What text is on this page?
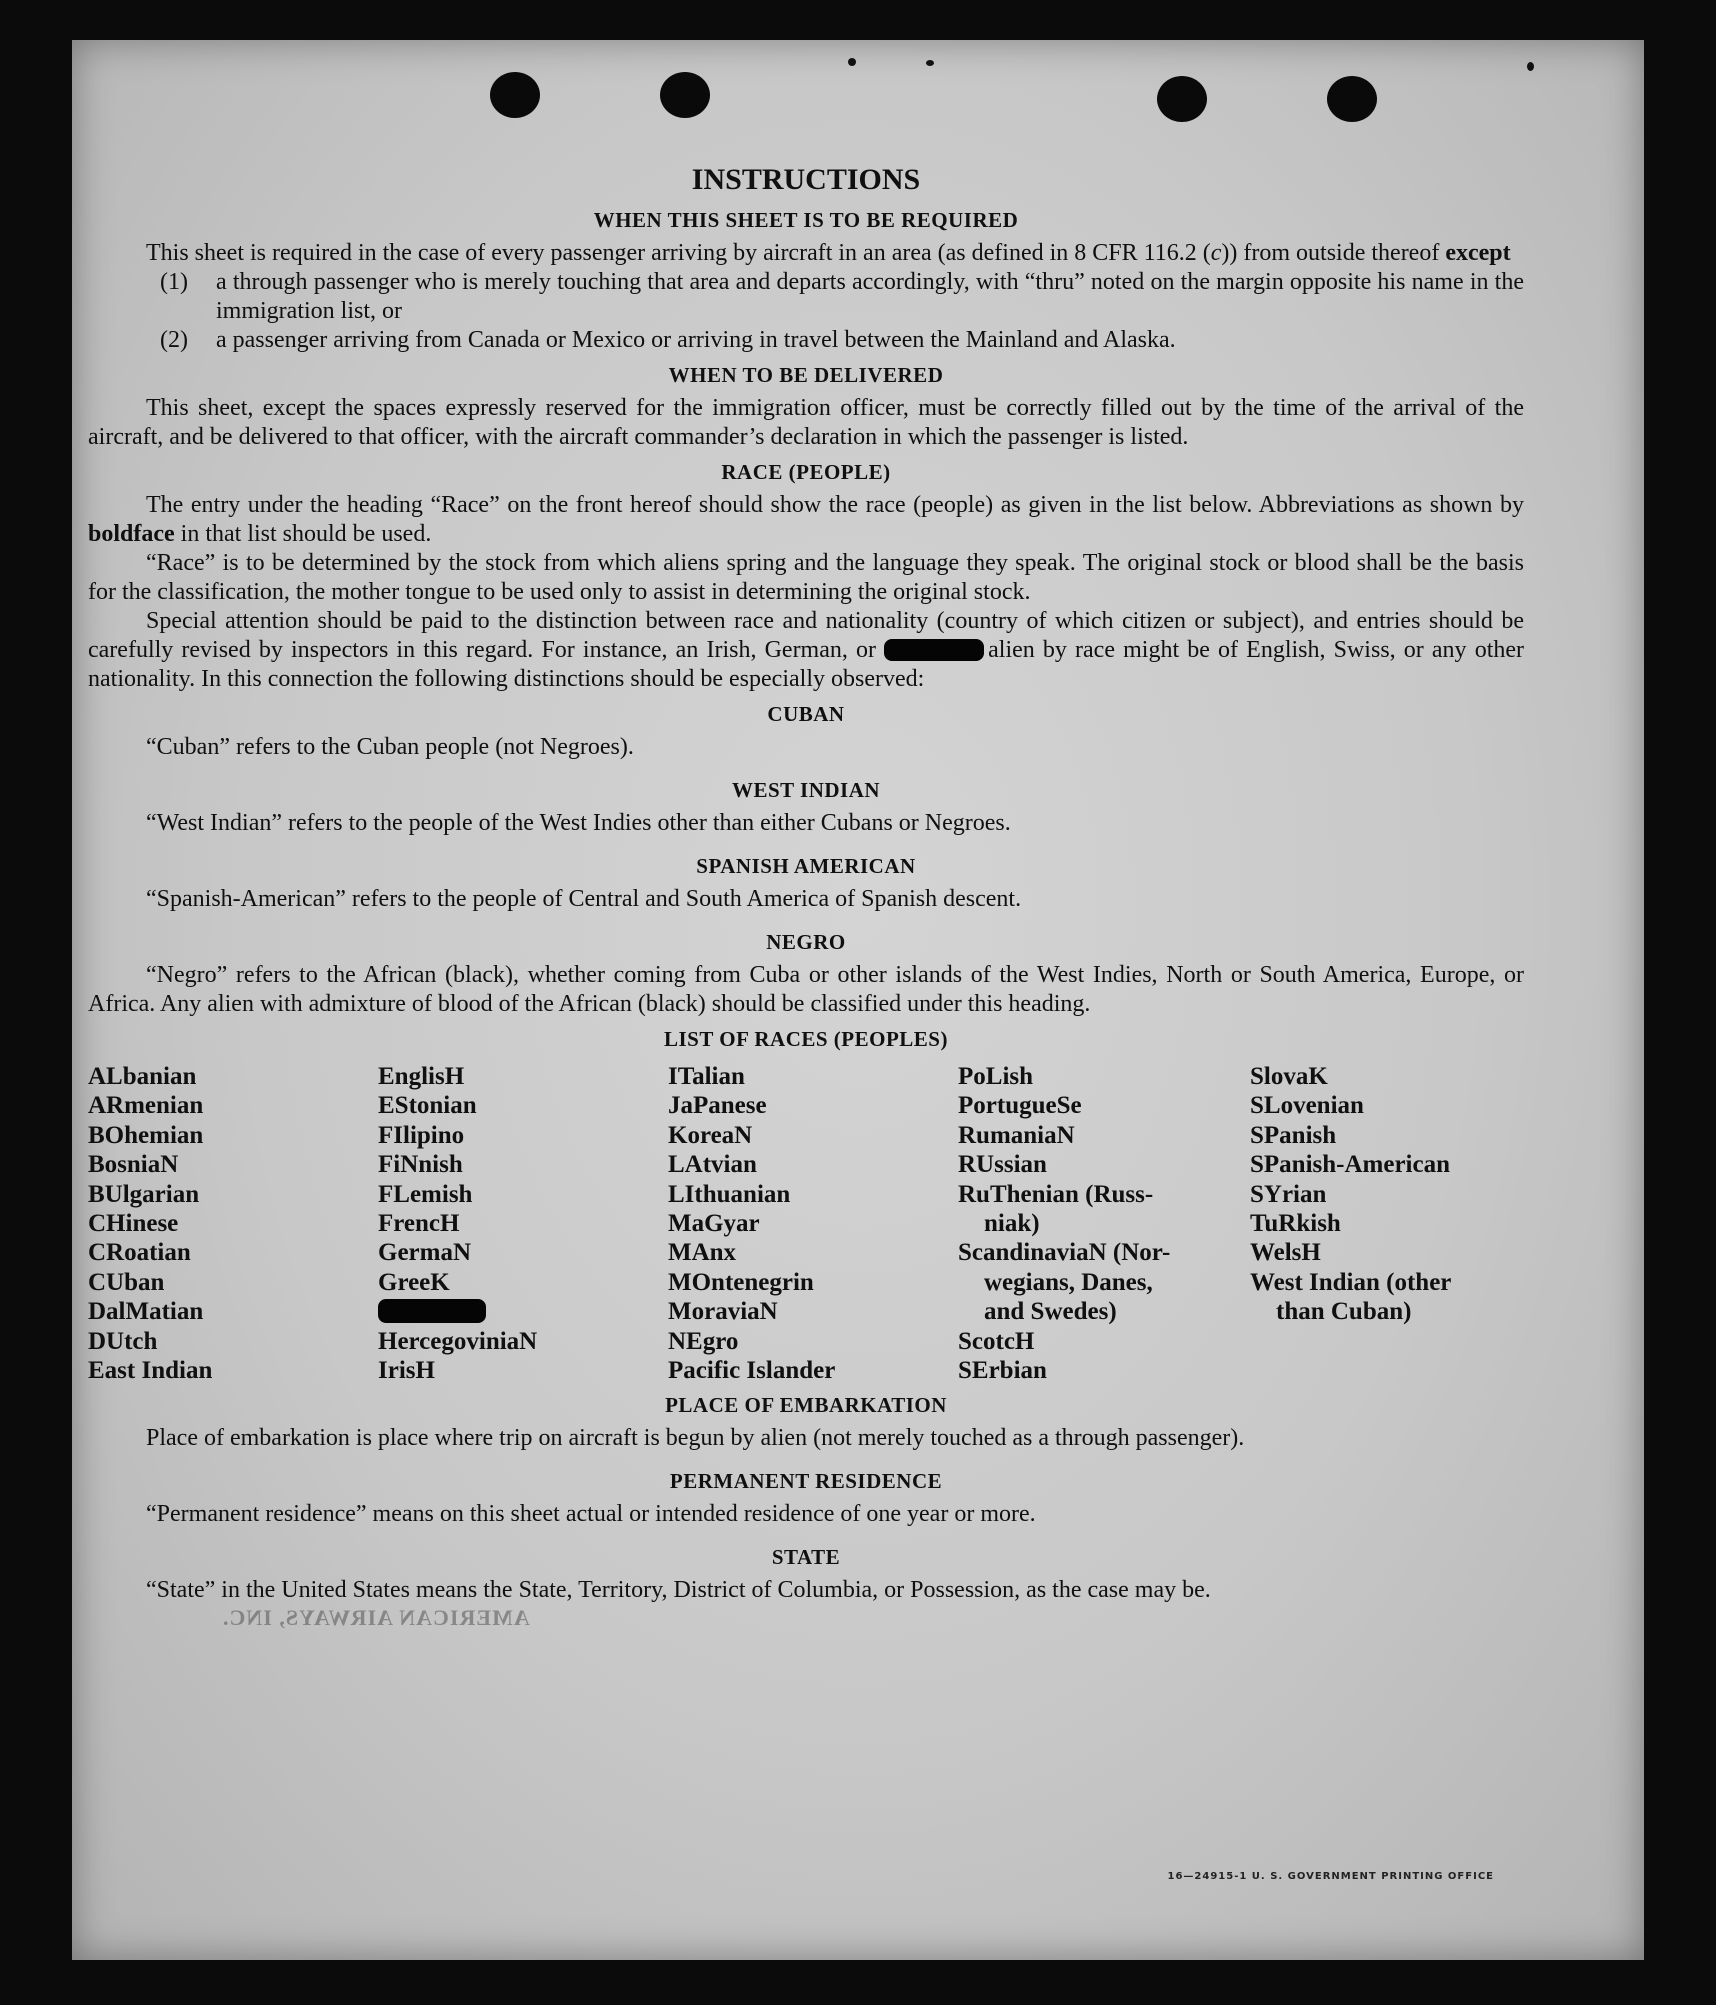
AMERICAN AIRWAYS, INC.
INSTRUCTIONS
WHEN THIS SHEET IS TO BE REQUIRED

This sheet is required in the case of every passenger arriving by aircraft in an area (as defined in 8 CFR 116.2 (c)) from outside thereof except

(1) a through passenger who is merely touching that area and departs accordingly, with “thru” noted on the margin opposite his name in the immigration list, or

(2) a passenger arriving from Canada or Mexico or arriving in travel between the Mainland and Alaska.

WHEN TO BE DELIVERED

This sheet, except the spaces expressly reserved for the immigration officer, must be correctly filled out by the time of the arrival of the aircraft, and be delivered to that officer, with the aircraft commander’s declaration in which the passenger is listed.

RACE (PEOPLE)

The entry under the heading “Race” on the front hereof should show the race (people) as given in the list below. Abbreviations as shown by boldface in that list should be used.

“Race” is to be determined by the stock from which aliens spring and the language they speak. The original stock or blood shall be the basis for the classification, the mother tongue to be used only to assist in determining the original stock.

Special attention should be paid to the distinction between race and nationality (country of which citizen or subject), and entries should be carefully revised by inspectors in this regard. For instance, an Irish, German, or	alien by race might be of English, Swiss, or any other nationality. In this connection the following distinctions should be especially observed:

CUBAN

“Cuban” refers to the Cuban people (not Negroes).

WEST INDIAN

“West Indian” refers to the people of the West Indies other than either Cubans or Negroes.

SPANISH AMERICAN

“Spanish-American” refers to the people of Central and South America of Spanish descent.

NEGRO

“Negro” refers to the African (black), whether coming from Cuba or other islands of the West Indies, North or South America, Europe, or Africa. Any alien with admixture of blood of the African (black) should be classified under this heading.

LIST OF RACES (PEOPLES)
ALbanian
ARmenian
BOhemian
BosniaN
BUlgarian
CHinese
CRoatian
CUban
DalMatian
DUtch
East Indian
EnglisH
EStonian
FIlipino
FiNnish
FLemish
FrencH
GermaN
GreeK
HercegoviniaN
IrisH
ITalian
JaPanese
KoreaN
LAtvian
LIthuanian
MaGyar
MAnx
MOntenegrin
MoraviaN
NEgro
Pacific Islander
PoLish
PortugueSe
RumaniaN
RUssian
RuThenian (Russ-
niak)
ScandinaviaN (Nor-
wegians, Danes,
and Swedes)
ScotcH
SErbian
SlovaK
SLovenian
SPanish
SPanish-American
SYrian
TuRkish
WelsH
West Indian (other
than Cuban)
PLACE OF EMBARKATION

Place of embarkation is place where trip on aircraft is begun by alien (not merely touched as a through passenger).

PERMANENT RESIDENCE

“Permanent residence” means on this sheet actual or intended residence of one year or more.

STATE

“State” in the United States means the State, Territory, District of Columbia, or Possession, as the case may be.

16—24915-1 U. S. GOVERNMENT PRINTING OFFICE
